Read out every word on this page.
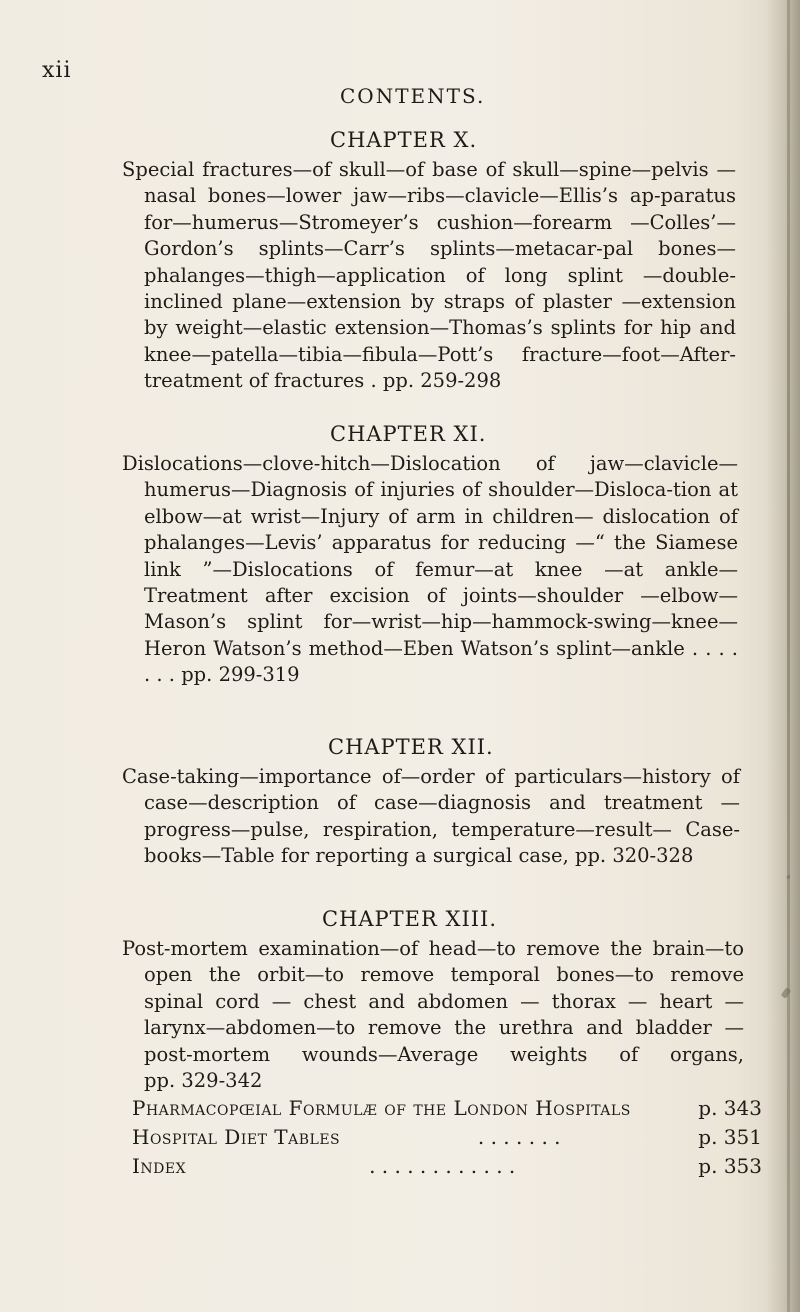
xii
CONTENTS.
CHAPTER X.
Special fractures—of skull—of base of skull—spine—pelvis —nasal bones—lower jaw—ribs—clavicle—Ellis’s ap-paratus for—humerus—Stromeyer’s cushion—forearm —Colles’—Gordon’s splints—Carr’s splints—metacar-pal bones—phalanges—thigh—application of long splint —double-inclined plane—extension by straps of plaster —extension by weight—elastic extension—Thomas’s splints for hip and knee—patella—tibia—fibula—Pott’s fracture—foot—After-treatment of fractures . pp. 259-298
CHAPTER XI.
Dislocations—clove-hitch—Dislocation of jaw—clavicle— humerus—Diagnosis of injuries of shoulder—Disloca-tion at elbow—at wrist—Injury of arm in children— dislocation of phalanges—Levis’ apparatus for reducing —“ the Siamese link ”—Dislocations of femur—at knee —at ankle—Treatment after excision of joints—shoulder —elbow—Mason’s splint for—wrist—hip—hammock-swing—knee—Heron Watson’s method—Eben Watson’s splint—ankle . . . . . . . pp. 299-319
CHAPTER XII.
Case-taking—importance of—order of particulars—history of case—description of case—diagnosis and treatment —progress—pulse, respiration, temperature—result— Case-books—Table for reporting a surgical case, pp. 320-328
CHAPTER XIII.
Post-mortem examination—of head—to remove the brain—to open the orbit—to remove temporal bones—to remove spinal cord — chest and abdomen — thorax — heart — larynx—abdomen—to remove the urethra and bladder —post-mortem wounds—Average weights of organs, pp. 329-342
Pharmacopœial Formulæ of the London Hospitals	p. 343
Hospital Diet Tables	. . . . . . .	p. 351
Index	. . . . . . . . . . . .	p. 353
